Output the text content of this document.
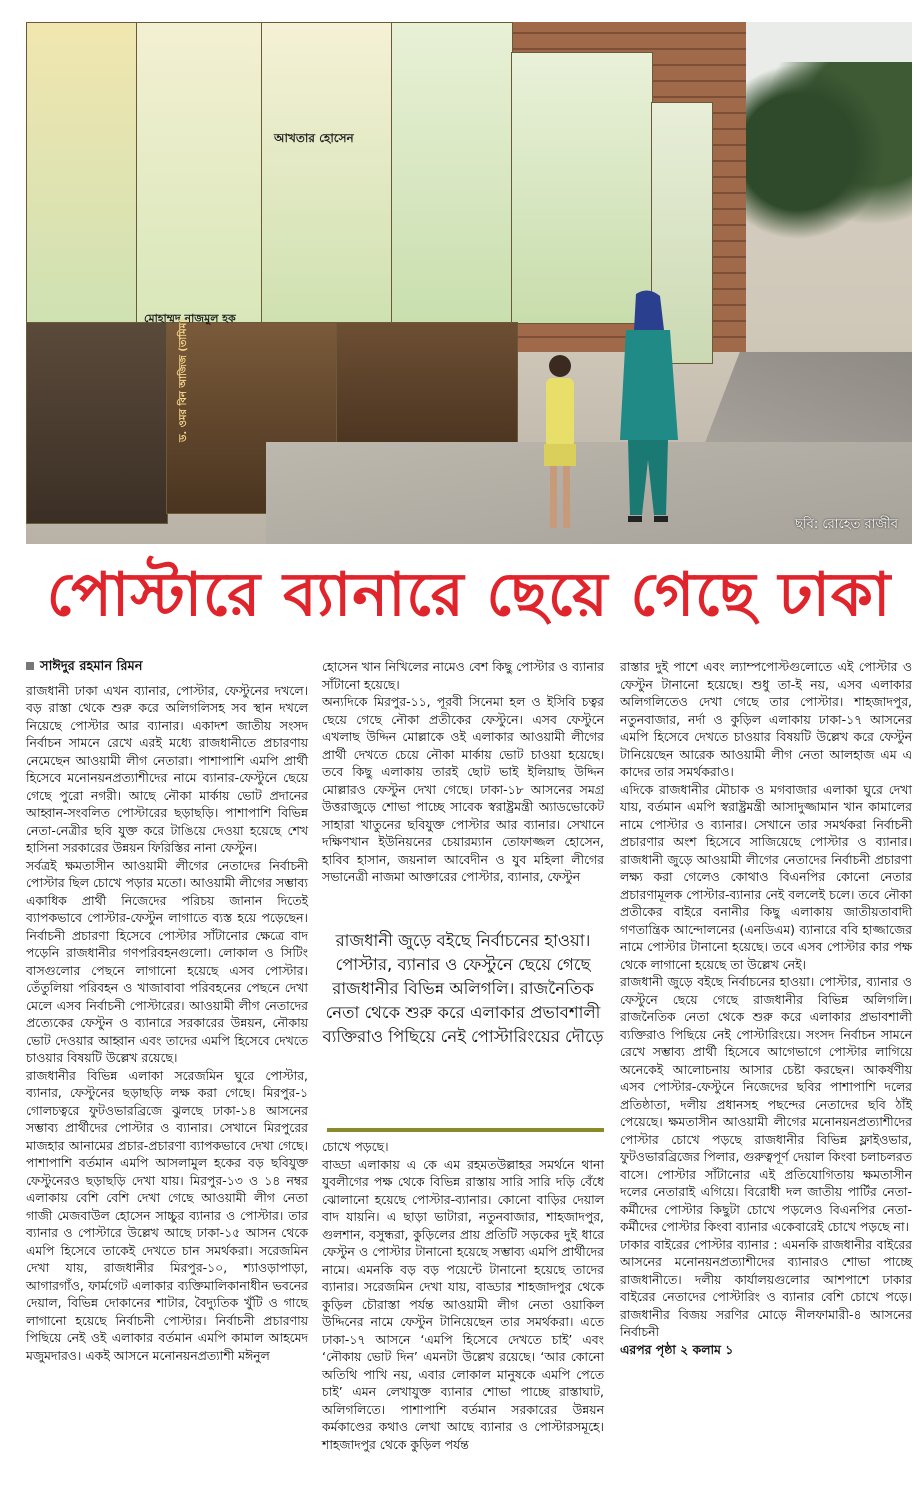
আখতার হোসেন
মোহাম্মদ নাজমুল হক
ড. ওমর বিন আজিজ (তামিম)
ছবি: রোহেত রাজীব
পোস্টারে ব্যানারে ছেয়ে গেছে ঢাকা
সাঈদুর রহমান রিমন

রাজধানী ঢাকা এখন ব্যানার, পোস্টার, ফেস্টুনের দখলে। বড় রাস্তা থেকে শুরু করে অলিগলিসহ সব স্থান দখলে নিয়েছে পোস্টার আর ব্যানার। একাদশ জাতীয় সংসদ নির্বাচন সামনে রেখে এরই মধ্যে রাজধানীতে প্রচারণায় নেমেছেন আওয়ামী লীগ নেতারা। পাশাপাশি এমপি প্রার্থী হিসেবে মনোনয়নপ্রত্যাশীদের নামে ব্যানার-ফেস্টুনে ছেয়ে গেছে পুরো নগরী। আছে নৌকা মার্কায় ভোট প্রদানের আহ্বান-সংবলিত পোস্টারের ছড়াছড়ি। পাশাপাশি বিভিন্ন নেতা-নেত্রীর ছবি যুক্ত করে টাঙিয়ে দেওয়া হয়েছে শেখ হাসিনা সরকারের উন্নয়ন ফিরিস্তির নানা ফেস্টুন।

সর্বত্রই ক্ষমতাসীন আওয়ামী লীগের নেতাদের নির্বাচনী পোস্টার ছিল চোখে পড়ার মতো। আওয়ামী লীগের সম্ভাব্য একাধিক প্রার্থী নিজেদের পরিচয় জানান দিতেই ব্যাপকভাবে পোস্টার-ফেস্টুন লাগাতে ব্যস্ত হয়ে পড়েছেন। নির্বাচনী প্রচারণা হিসেবে পোস্টার সাঁটানোর ক্ষেত্রে বাদ পড়েনি রাজধানীর গণপরিবহনগুলো। লোকাল ও সিটিং বাসগুলোর পেছনে লাগানো হয়েছে এসব পোস্টার। তেঁতুলিয়া পরিবহন ও খাজাবাবা পরিবহনের পেছনে দেখা মেলে এসব নির্বাচনী পোস্টারের। আওয়ামী লীগ নেতাদের প্রত্যেকের ফেস্টুন ও ব্যানারে সরকারের উন্নয়ন, নৌকায় ভোট দেওয়ার আহ্বান এবং তাদের এমপি হিসেবে দেখতে চাওয়ার বিষয়টি উল্লেখ রয়েছে।

রাজধানীর বিভিন্ন এলাকা সরেজমিন ঘুরে পোস্টার, ব্যানার, ফেস্টুনের ছড়াছড়ি লক্ষ করা গেছে। মিরপুর-১ গোলচত্বরে ফুটওভারব্রিজে ঝুলছে ঢাকা-১৪ আসনের সম্ভাব্য প্রার্থীদের পোস্টার ও ব্যানার। সেখানে মিরপুরের মাজহার আনামের প্রচার-প্রচারণা ব্যাপকভাবে দেখা গেছে। পাশাপাশি বর্তমান এমপি আসলামুল হকের বড় ছবিযুক্ত ফেস্টুনেরও ছড়াছড়ি দেখা যায়। মিরপুর-১৩ ও ১৪ নম্বর এলাকায় বেশি বেশি দেখা গেছে আওয়ামী লীগ নেতা গাজী মেজবাউল হোসেন সাচ্চুর ব্যানার ও পোস্টার। তার ব্যানার ও পোস্টারে উল্লেখ আছে ঢাকা-১৫ আসন থেকে এমপি হিসেবে তাকেই দেখতে চান সমর্থকরা। সরেজমিন দেখা যায়, রাজধানীর মিরপুর-১০, শ্যাওড়াপাড়া, আগারগাঁও, ফার্মগেট এলাকার ব্যক্তিমালিকানাধীন ভবনের দেয়াল, বিভিন্ন দোকানের শাটার, বৈদ্যুতিক খুঁটি ও গাছে লাগানো হয়েছে নির্বাচনী পোস্টার। নির্বাচনী প্রচারণায় পিছিয়ে নেই ওই এলাকার বর্তমান এমপি কামাল আহমেদ মজুমদারও। একই আসনে মনোনয়নপ্রত্যাশী মঈনুল

হোসেন খান নিখিলের নামেও বেশ কিছু পোস্টার ও ব্যানার সাঁটানো হয়েছে।

অন্যদিকে মিরপুর-১১, পূরবী সিনেমা হল ও ইসিবি চত্বর ছেয়ে গেছে নৌকা প্রতীকের ফেস্টুনে। এসব ফেস্টুনে এখলাছ উদ্দিন মোল্লাকে ওই এলাকার আওয়ামী লীগের প্রার্থী দেখতে চেয়ে নৌকা মার্কায় ভোট চাওয়া হয়েছে। তবে কিছু এলাকায় তারই ছোট ভাই ইলিয়াছ উদ্দিন মোল্লারও ফেস্টুন দেখা গেছে। ঢাকা-১৮ আসনের সমগ্র উত্তরাজুড়ে শোভা পাচ্ছে সাবেক স্বরাষ্ট্রমন্ত্রী অ্যাডভোকেট সাহারা খাতুনের ছবিযুক্ত পোস্টার আর ব্যানার। সেখানে দক্ষিণখান ইউনিয়নের চেয়ারম্যান তোফাজ্জল হোসেন, হাবিব হাসান, জয়নাল আবেদীন ও যুব মহিলা লীগের সভানেত্রী নাজমা আক্তারের পোস্টার, ব্যানার, ফেস্টুন

রাজধানী জুড়ে বইছে নির্বাচনের হাওয়া। পোস্টার, ব্যানার ও ফেস্টুনে ছেয়ে গেছে রাজধানীর বিভিন্ন অলিগলি। রাজনৈতিক নেতা থেকে শুরু করে এলাকার প্রভাবশালী ব্যক্তিরাও পিছিয়ে নেই পোস্টারিংয়ের দৌড়ে

চোখে পড়ছে।

বাড্ডা এলাকায় এ কে এম রহমতউল্লাহর সমর্থনে থানা যুবলীগের পক্ষ থেকে বিভিন্ন রাস্তায় সারি সারি দড়ি বেঁধে ঝোলানো হয়েছে পোস্টার-ব্যানার। কোনো বাড়ির দেয়াল বাদ যায়নি। এ ছাড়া ভাটারা, নতুনবাজার, শাহজাদপুর, গুলশান, বসুন্ধরা, কুড়িলের প্রায় প্রতিটি সড়কের দুই ধারে ফেস্টুন ও পোস্টার টানানো হয়েছে সম্ভাব্য এমপি প্রার্থীদের নামে। এমনকি বড় বড় পয়েন্টে টানানো হয়েছে তাদের ব্যানার। সরেজমিন দেখা যায়, বাড্ডার শাহজাদপুর থেকে কুড়িল চৌরাস্তা পর্যন্ত আওয়ামী লীগ নেতা ওয়াকিল উদ্দিনের নামে ফেস্টুন টানিয়েছেন তার সমর্থকরা। এতে ঢাকা-১৭ আসনে ‘এমপি হিসেবে দেখতে চাই’ এবং ‘নৌকায় ভোট দিন’ এমনটা উল্লেখ রয়েছে। ‘আর কোনো অতিথি পাখি নয়, এবার লোকাল মানুষকে এমপি পেতে চাই’ এমন লেখাযুক্ত ব্যানার শোভা পাচ্ছে রাস্তাঘাট, অলিগলিতে। পাশাপাশি বর্তমান সরকারের উন্নয়ন কর্মকাণ্ডের কথাও লেখা আছে ব্যানার ও পোস্টারসমূহে। শাহজাদপুর থেকে কুড়িল পর্যন্ত

রাস্তার দুই পাশে এবং ল্যাম্পপোস্টগুলোতে এই পোস্টার ও ফেস্টুন টানানো হয়েছে। শুধু তা-ই নয়, এসব এলাকার অলিগলিতেও দেখা গেছে তার পোস্টার। শাহজাদপুর, নতুনবাজার, নর্দা ও কুড়িল এলাকায় ঢাকা-১৭ আসনের এমপি হিসেবে দেখতে চাওয়ার বিষয়টি উল্লেখ করে ফেস্টুন টানিয়েছেন আরেক আওয়ামী লীগ নেতা আলহাজ এম এ কাদের তার সমর্থকরাও।

এদিকে রাজধানীর মৌচাক ও মগবাজার এলাকা ঘুরে দেখা যায়, বর্তমান এমপি স্বরাষ্ট্রমন্ত্রী আসাদুজ্জামান খান কামালের নামে পোস্টার ও ব্যানার। সেখানে তার সমর্থকরা নির্বাচনী প্রচারণার অংশ হিসেবে সাজিয়েছে পোস্টার ও ব্যানার। রাজধানী জুড়ে আওয়ামী লীগের নেতাদের নির্বাচনী প্রচারণা লক্ষ্য করা গেলেও কোথাও বিএনপির কোনো নেতার প্রচারণামূলক পোস্টার-ব্যানার নেই বললেই চলে। তবে নৌকা প্রতীকের বাইরে বনানীর কিছু এলাকায় জাতীয়তাবাদী গণতান্ত্রিক আন্দোলনের (এনডিএম) ব্যানারে ববি হাজ্জাজের নামে পোস্টার টানানো হয়েছে। তবে এসব পোস্টার কার পক্ষ থেকে লাগানো হয়েছে তা উল্লেখ নেই।

রাজধানী জুড়ে বইছে নির্বাচনের হাওয়া। পোস্টার, ব্যানার ও ফেস্টুনে ছেয়ে গেছে রাজধানীর বিভিন্ন অলিগলি। রাজনৈতিক নেতা থেকে শুরু করে এলাকার প্রভাবশালী ব্যক্তিরাও পিছিয়ে নেই পোস্টারিংয়ে। সংসদ নির্বাচন সামনে রেখে সম্ভাব্য প্রার্থী হিসেবে আগেভাগে পোস্টার লাগিয়ে অনেকেই আলোচনায় আসার চেষ্টা করছেন। আকর্ষণীয় এসব পোস্টার-ফেস্টুনে নিজেদের ছবির পাশাপাশি দলের প্রতিষ্ঠাতা, দলীয় প্রধানসহ পছন্দের নেতাদের ছবি ঠাঁই পেয়েছে। ক্ষমতাসীন আওয়ামী লীগের মনোনয়নপ্রত্যাশীদের পোস্টার চোখে পড়ছে রাজধানীর বিভিন্ন ফ্লাইওভার, ফুটওভারব্রিজের পিলার, গুরুত্বপূর্ণ দেয়াল কিংবা চলাচলরত বাসে। পোস্টার সাঁটানোর এই প্রতিযোগিতায় ক্ষমতাসীন দলের নেতারাই এগিয়ে। বিরোধী দল জাতীয় পার্টির নেতা-কর্মীদের পোস্টার কিছুটা চোখে পড়লেও বিএনপির নেতা-কর্মীদের পোস্টার কিংবা ব্যানার একেবারেই চোখে পড়ছে না।

ঢাকার বাইরের পোস্টার ব্যানার : এমনকি রাজধানীর বাইরের আসনের মনোনয়নপ্রত্যাশীদের ব্যানারও শোভা পাচ্ছে রাজধানীতে। দলীয় কার্যালয়গুলোর আশপাশে ঢাকার বাইরের নেতাদের পোস্টারিং ও ব্যানার বেশি চোখে পড়ে। রাজধানীর বিজয় সরণির মোড়ে নীলফামারী-৪ আসনের নির্বাচনী

এরপর পৃষ্ঠা ২ কলাম ১
